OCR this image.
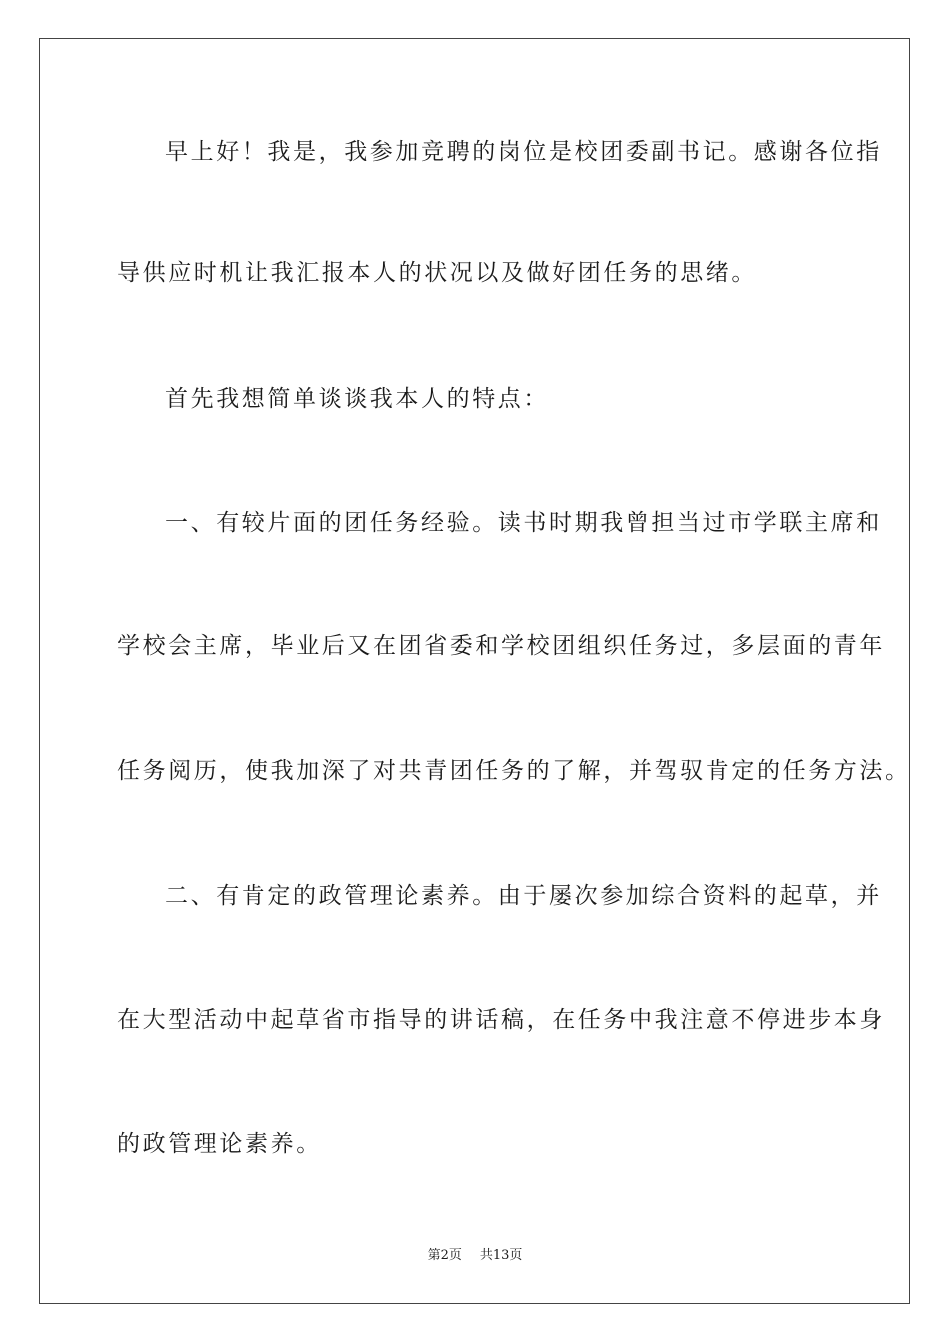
早上好！我是，我参加竞聘的岗位是校团委副书记。感谢各位指
导供应时机让我汇报本人的状况以及做好团任务的思绪。
首先我想简单谈谈我本人的特点：
一、有较片面的团任务经验。读书时期我曾担当过市学联主席和
学校会主席，毕业后又在团省委和学校团组织任务过，多层面的青年
任务阅历，使我加深了对共青团任务的了解，并驾驭肯定的任务方法。
二、有肯定的政管理论素养。由于屡次参加综合资料的起草，并
在大型活动中起草省市指导的讲话稿，在任务中我注意不停进步本身
的政管理论素养。
第2页 共13页
